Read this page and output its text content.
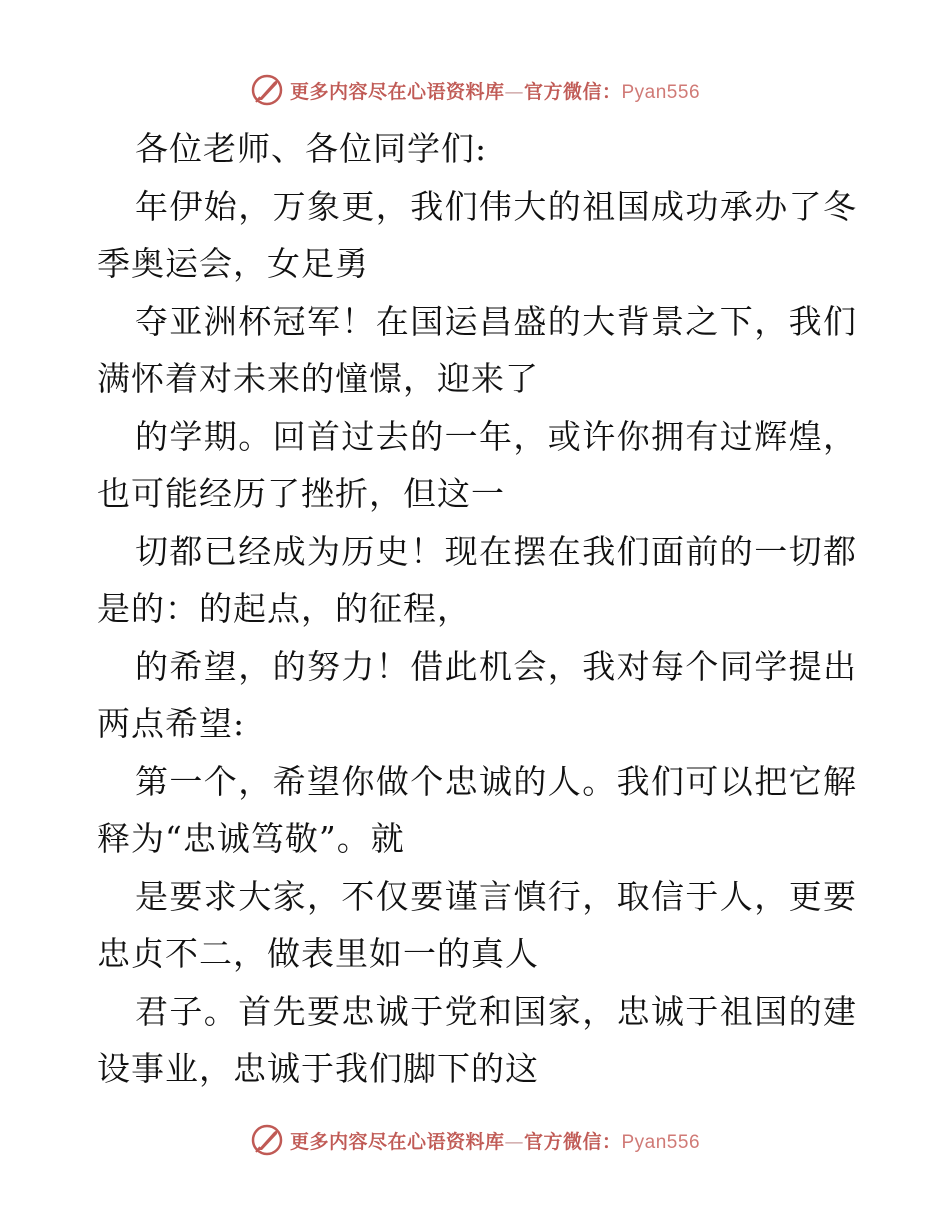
更多内容尽在心语资料库—官方微信：Pyan556

各位老师、各位同学们:

年伊始，万象更，我们伟大的祖国成功承办了冬季奥运会，女足勇

夺亚洲杯冠军！在国运昌盛的大背景之下，我们满怀着对未来的憧憬，迎来了

的学期。回首过去的一年，或许你拥有过辉煌，也可能经历了挫折，但这一

切都已经成为历史！现在摆在我们面前的一切都是的：的起点，的征程，

的希望，的努力！借此机会，我对每个同学提出两点希望:

第一个，希望你做个忠诚的人。我们可以把它解释为“忠诚笃敬”。就

是要求大家，不仅要谨言慎行，取信于人，更要忠贞不二，做表里如一的真人

君子。首先要忠诚于党和国家，忠诚于祖国的建设事业，忠诚于我们脚下的这

更多内容尽在心语资料库—官方微信：Pyan556
